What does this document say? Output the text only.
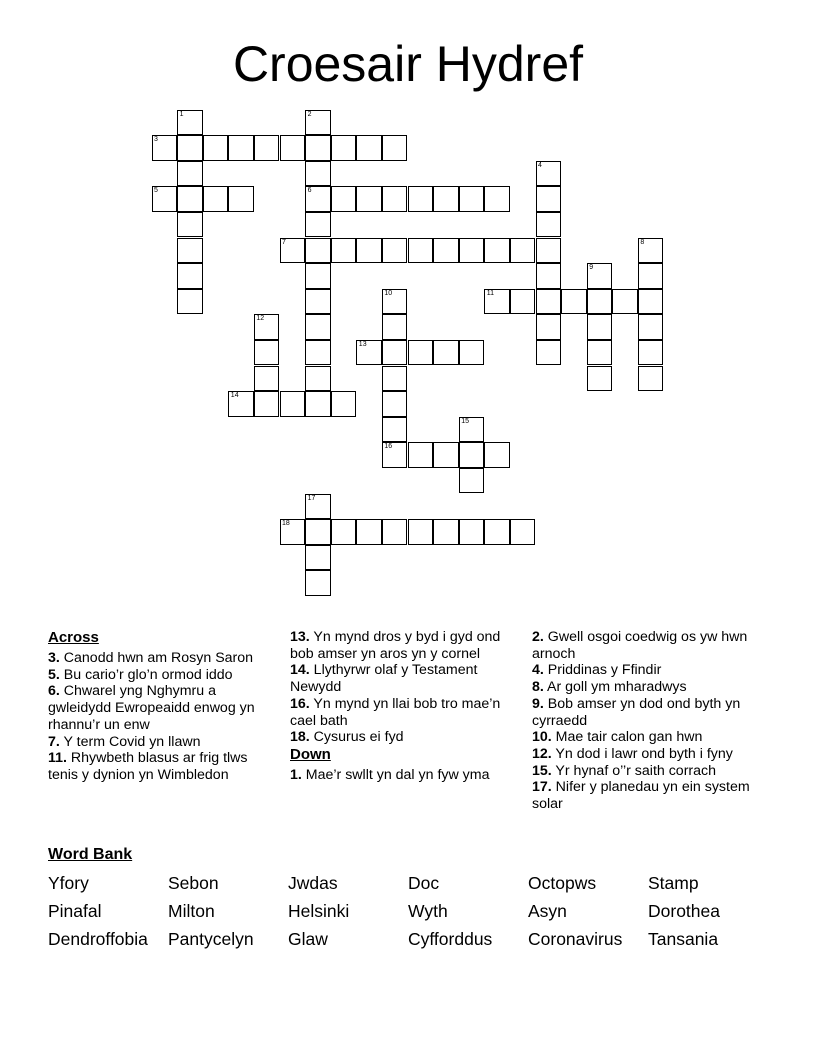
Croesair Hydref
1	2
3
4
5	6
7	8
9
10	11
12
13
14
15
16
17
18

Across

3. Canodd hwn am Rosyn Saron

5. Bu cario’r glo’n ormod iddo

6. Chwarel yng Nghymru a gwleidydd Ewropeaidd enwog yn rhannu’r un enw

7. Y term Covid yn llawn

11. Rhywbeth blasus ar frig tlws tenis y dynion yn Wimbledon

13. Yn mynd dros y byd i gyd ond bob amser yn aros yn y cornel

14. Llythyrwr olaf y Testament Newydd

16. Yn mynd yn llai bob tro mae’n cael bath

18. Cysurus ei fyd

Down

1. Mae’r swllt yn dal yn fyw yma

2. Gwell osgoi coedwig os yw hwn arnoch

4. Priddinas y Ffindir

8. Ar goll ym mharadwys

9. Bob amser yn dod ond byth yn cyrraedd

10. Mae tair calon gan hwn

12. Yn dod i lawr ond byth i fyny

15. Yr hynaf o’’r saith corrach

17. Nifer y planedau yn ein system solar

Word Bank

Yfory	Sebon	Jwdas	Doc	Octopws	Stamp
Pinafal	Milton	Helsinki	Wyth	Asyn	Dorothea
Dendroffobia	Pantycelyn	Glaw	Cyfforddus	Coronavirus	Tansania
